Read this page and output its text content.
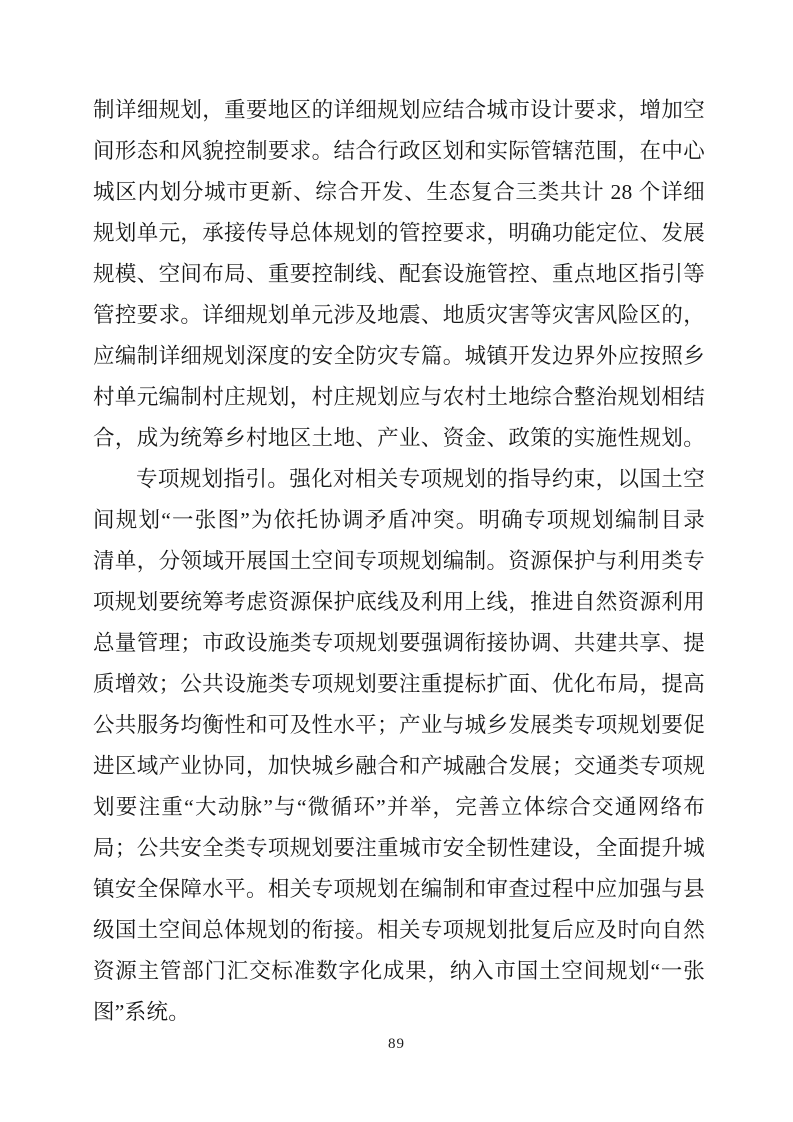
制详细规划，重要地区的详细规划应结合城市设计要求，增加空
间形态和风貌控制要求。结合行政区划和实际管辖范围，在中心
城区内划分城市更新、综合开发、生态复合三类共计 28 个详细
规划单元，承接传导总体规划的管控要求，明确功能定位、发展
规模、空间布局、重要控制线、配套设施管控、重点地区指引等
管控要求。详细规划单元涉及地震、地质灾害等灾害风险区的，
应编制详细规划深度的安全防灾专篇。城镇开发边界外应按照乡
村单元编制村庄规划，村庄规划应与农村土地综合整治规划相结
合，成为统筹乡村地区土地、产业、资金、政策的实施性规划。
专项规划指引。强化对相关专项规划的指导约束，以国土空
间规划“一张图”为依托协调矛盾冲突。明确专项规划编制目录
清单，分领域开展国土空间专项规划编制。资源保护与利用类专
项规划要统筹考虑资源保护底线及利用上线，推进自然资源利用
总量管理；市政设施类专项规划要强调衔接协调、共建共享、提
质增效；公共设施类专项规划要注重提标扩面、优化布局，提高
公共服务均衡性和可及性水平；产业与城乡发展类专项规划要促
进区域产业协同，加快城乡融合和产城融合发展；交通类专项规
划要注重“大动脉”与“微循环”并举，完善立体综合交通网络布
局；公共安全类专项规划要注重城市安全韧性建设，全面提升城
镇安全保障水平。相关专项规划在编制和审查过程中应加强与县
级国土空间总体规划的衔接。相关专项规划批复后应及时向自然
资源主管部门汇交标准数字化成果，纳入市国土空间规划“一张
图”系统。
89
